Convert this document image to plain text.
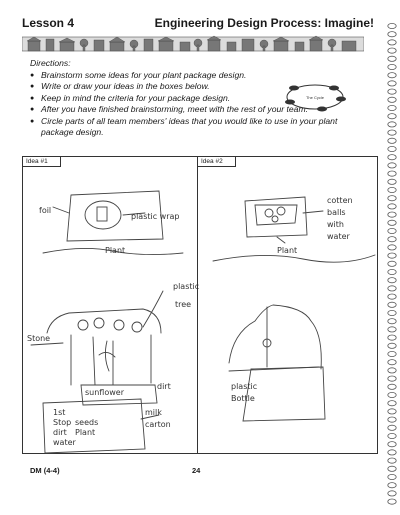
Lesson 4	Engineering Design Process: Imagine!
Directions:
● Brainstorm some ideas for your plant package design.
● Write or draw your ideas in the boxes below.
● Keep in mind the criteria for your package design.
● After you have finished brainstorming, meet with the rest of your team.
● Circle parts of all team members' ideas that you would like to use in your plant package design.
The Cycle
Idea #1	Idea #2
foil
plastic wrap
Plant
plastic
tree
Stone
sunflower
dirt
milk
carton
1st
Stop seeds
dirt Plant
water
cotten
balls
with
water
Plant
plastic
Bottle
DM (4-4)	24
